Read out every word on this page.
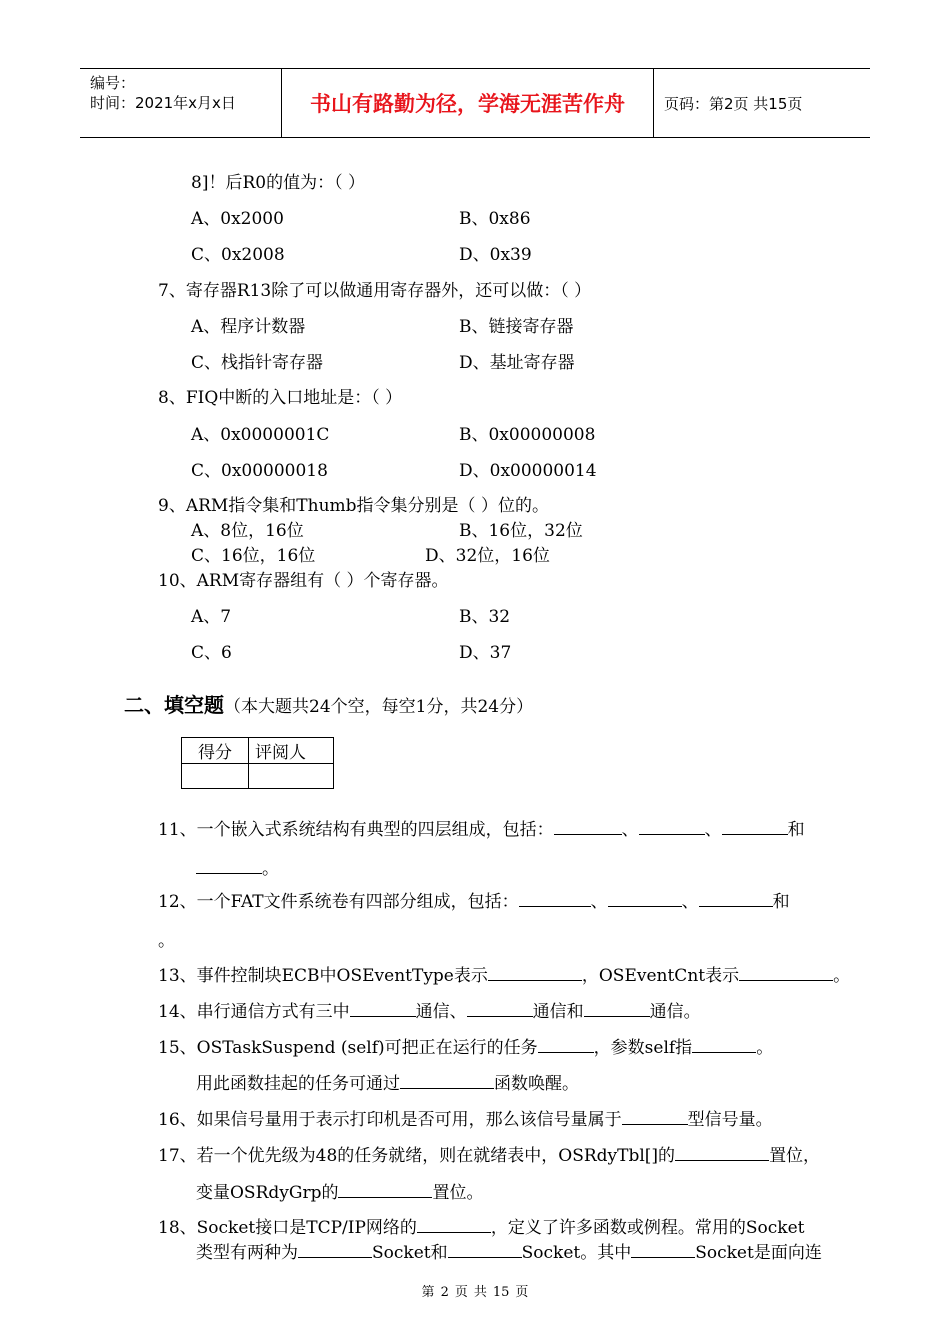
编号：
时间：2021年x月x日	书山有路勤为径，学海无涯苦作舟	页码：第2页 共15页
8]！后R0的值为：（ ）
A、0x2000	B、0x86
C、0x2008	D、0x39
7、寄存器R13除了可以做通用寄存器外，还可以做：（ ）
A、程序计数器	B、链接寄存器
C、栈指针寄存器	D、基址寄存器
8、FIQ中断的入口地址是：（ ）
A、0x0000001C	B、0x00000008
C、0x00000018	D、0x00000014
9、ARM指令集和Thumb指令集分别是（ ）位的。
A、8位，16位	B、16位，32位
C、16位，16位	D、32位，16位
10、ARM寄存器组有（ ）个寄存器。
A、7	B、32
C、6	D、37
二、填空题（本大题共24个空，每空1分，共24分）
得分	评阅人

11、一个嵌入式系统结构有典型的四层组成，包括：	、	、	和
。
12、一个FAT文件系统卷有四部分组成，包括：	、	、	和
。
13、事件控制块ECB中OSEventType表示	，OSEventCnt表示	。
14、串行通信方式有三中	通信、	通信和	通信。
15、OSTaskSuspend (self)可把正在运行的任务	，参数self指	。
用此函数挂起的任务可通过	函数唤醒。
16、如果信号量用于表示打印机是否可用，那么该信号量属于	型信号量。
17、若一个优先级为48的任务就绪，则在就绪表中，OSRdyTbl[]的	置位，
变量OSRdyGrp的	置位。
18、Socket接口是TCP/IP网络的	，定义了许多函数或例程。常用的Socket
类型有两种为	Socket和	Socket。其中	Socket是面向连
第 2 页 共 15 页
